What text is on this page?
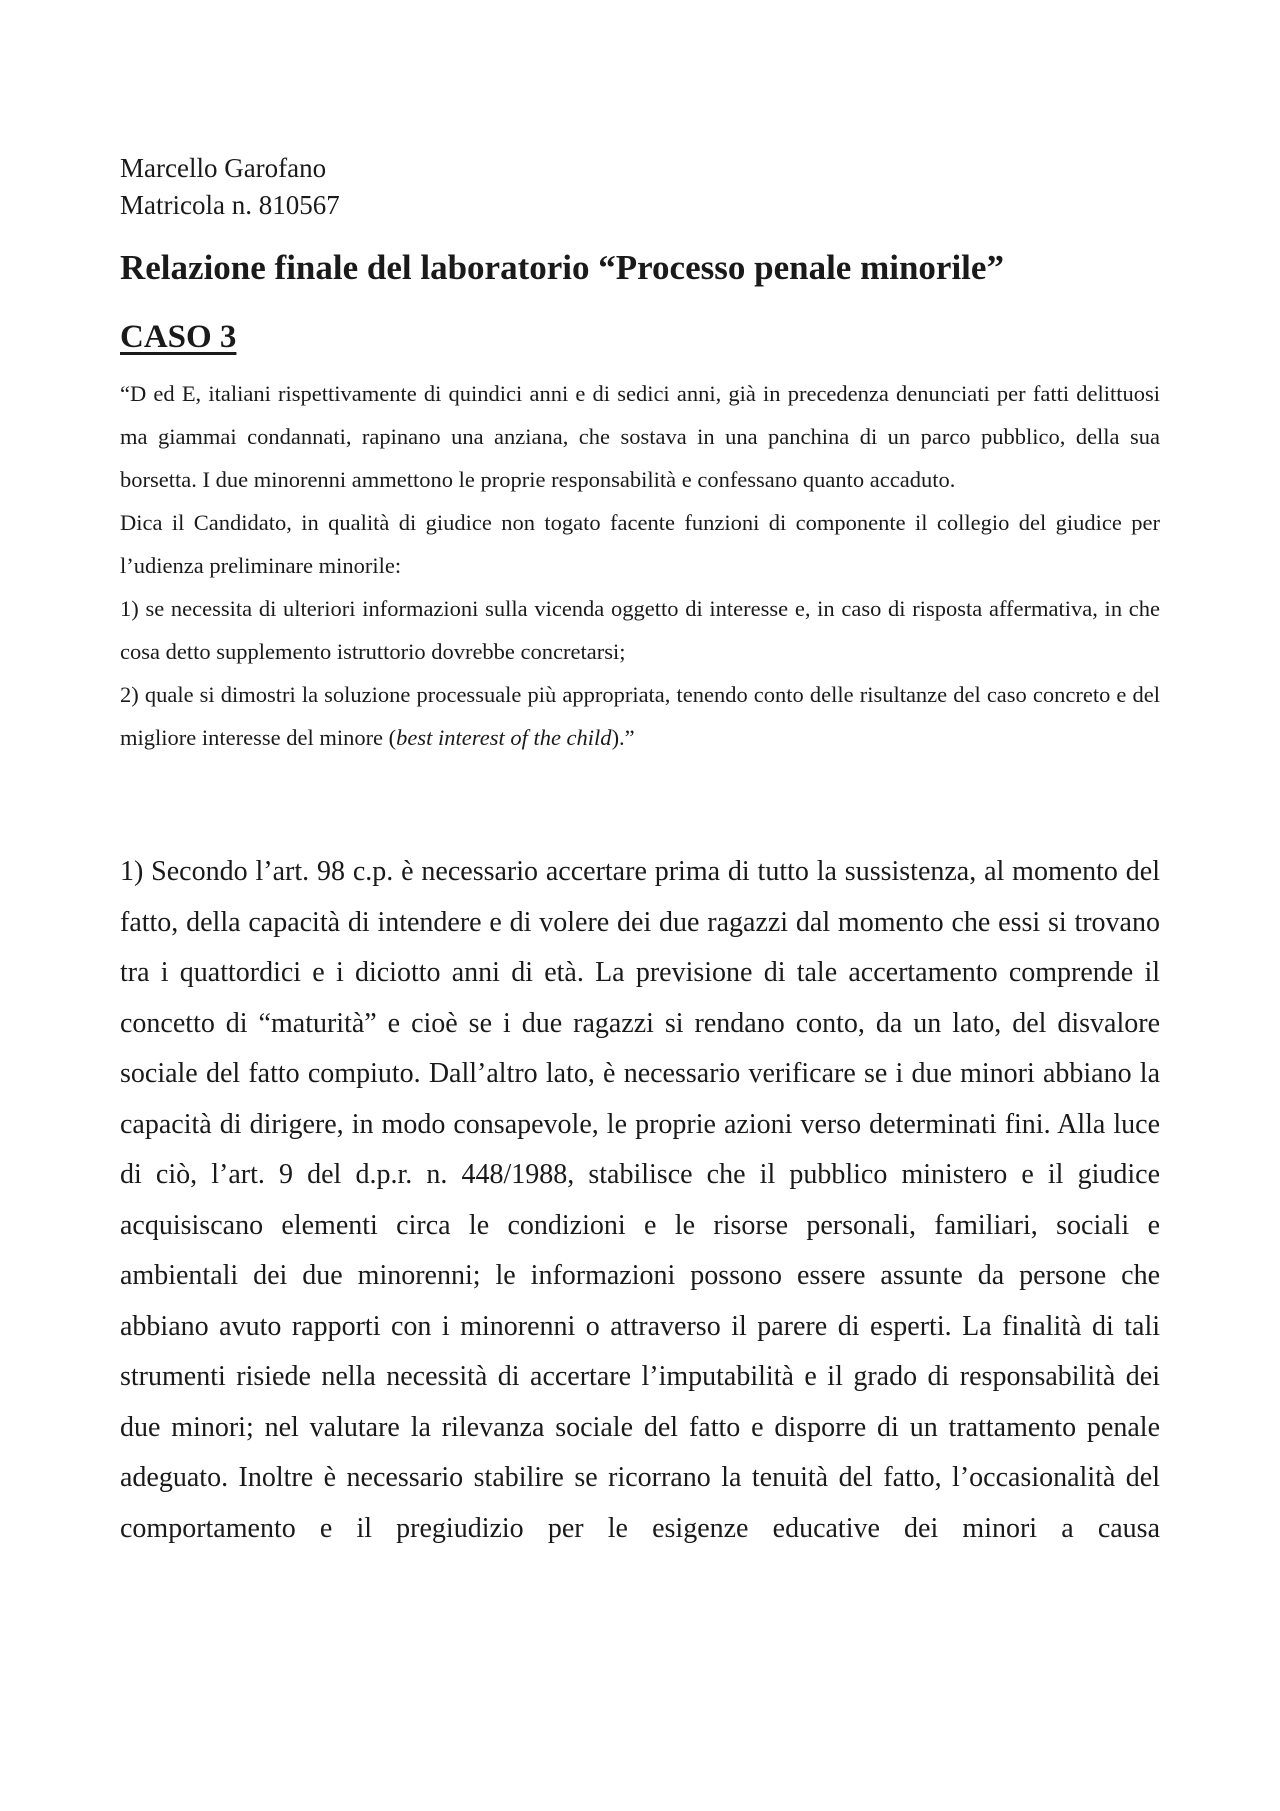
Marcello Garofano
Matricola n. 810567
Relazione finale del laboratorio “Processo penale minorile”
CASO 3

“D ed E, italiani rispettivamente di quindici anni e di sedici anni, già in precedenza denunciati per fatti delittuosi ma giammai condannati, rapinano una anziana, che sostava in una panchina di un parco pubblico, della sua borsetta. I due minorenni ammettono le proprie responsabilità e confessano quanto accaduto.

Dica il Candidato, in qualità di giudice non togato facente funzioni di componente il collegio del giudice per l’udienza preliminare minorile:

1) se necessita di ulteriori informazioni sulla vicenda oggetto di interesse e, in caso di risposta affermativa, in che cosa detto supplemento istruttorio dovrebbe concretarsi;

2) quale si dimostri la soluzione processuale più appropriata, tenendo conto delle risultanze del caso concreto e del migliore interesse del minore (best interest of the child).”

1) Secondo l’art. 98 c.p. è necessario accertare prima di tutto la sussistenza, al momento del fatto, della capacità di intendere e di volere dei due ragazzi dal momento che essi si trovano tra i quattordici e i diciotto anni di età. La previsione di tale accertamento comprende il concetto di “maturità” e cioè se i due ragazzi si rendano conto, da un lato, del disvalore sociale del fatto compiuto. Dall’altro lato, è necessario verificare se i due minori abbiano la capacità di dirigere, in modo consapevole, le proprie azioni verso determinati fini. Alla luce di ciò, l’art. 9 del d.p.r. n. 448/1988, stabilisce che il pubblico ministero e il giudice acquisiscano elementi circa le condizioni e le risorse personali, familiari, sociali e ambientali dei due minorenni; le informazioni possono essere assunte da persone che abbiano avuto rapporti con i minorenni o attraverso il parere di esperti. La finalità di tali strumenti risiede nella necessità di accertare l’imputabilità e il grado di responsabilità dei due minori; nel valutare la rilevanza sociale del fatto e disporre di un trattamento penale adeguato. Inoltre è necessario stabilire se ricorrano la tenuità del fatto, l’occasionalità del comportamento e il pregiudizio per le esigenze educative dei minori a causa
